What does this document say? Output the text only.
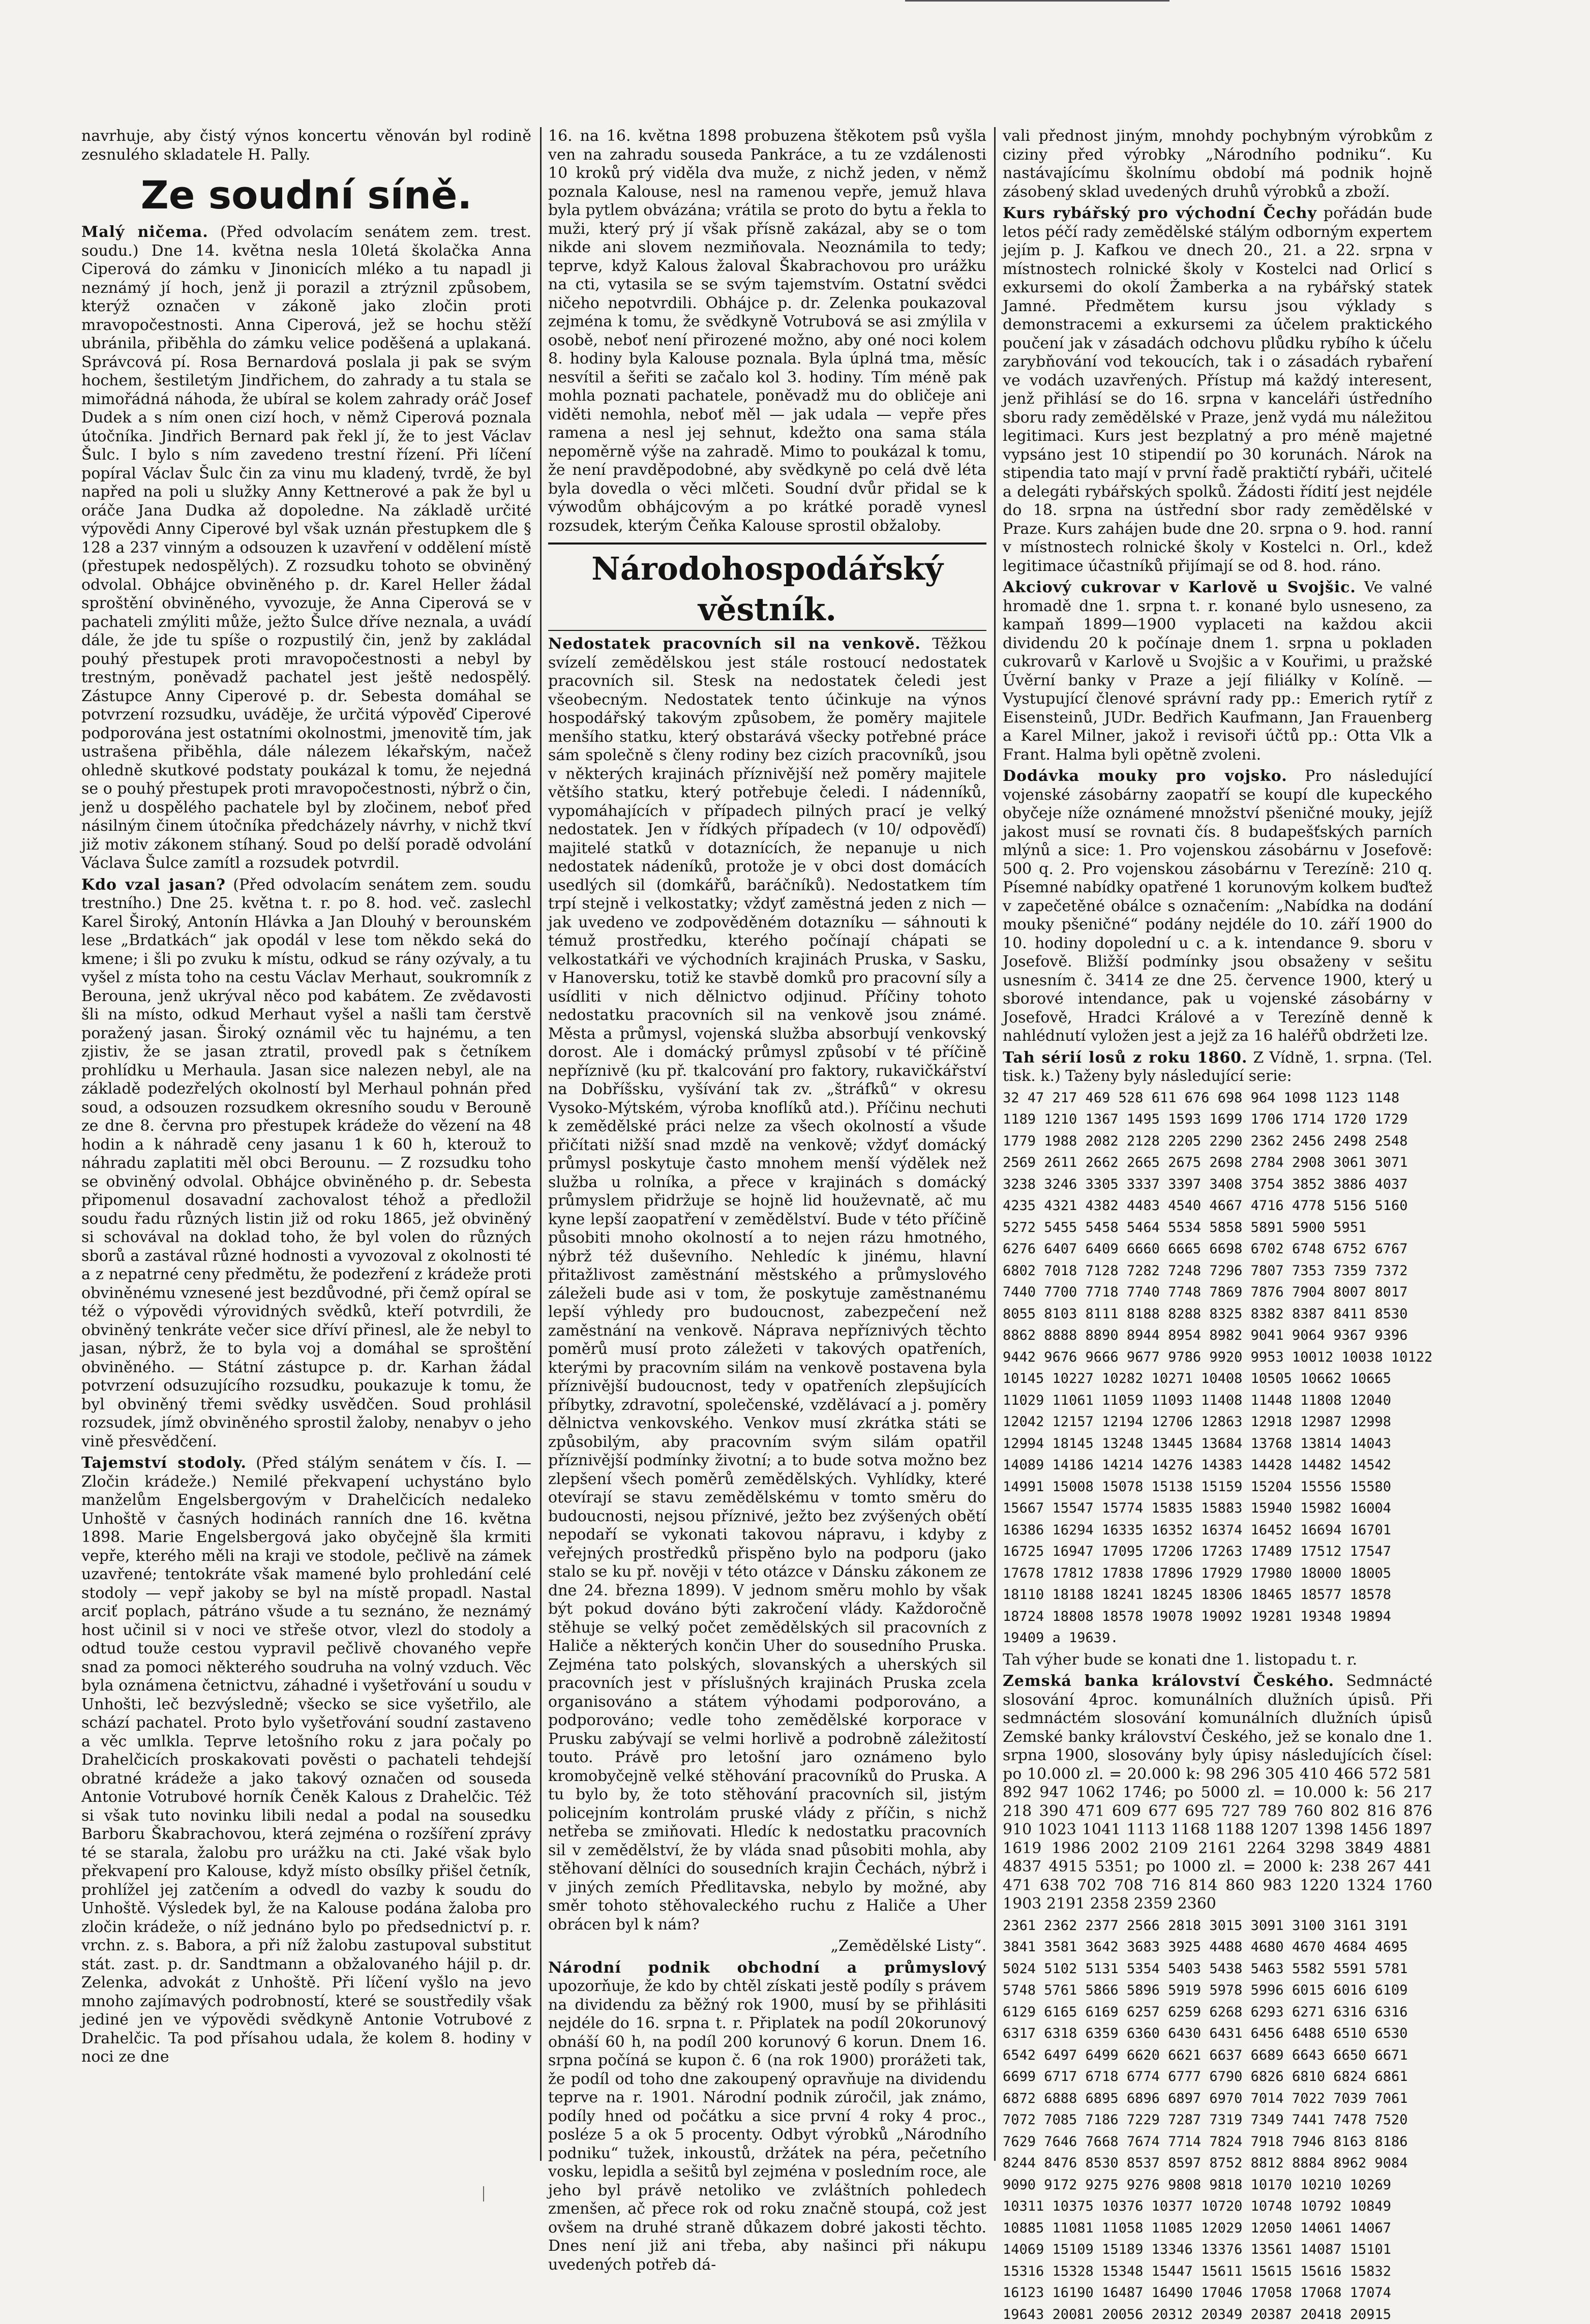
navrhuje, aby čistý výnos koncertu věnován byl rodině zesnulého skladatele H. Pally.

Ze soudní síně.

Malý ničema. (Před odvolacím senátem zem. trest. soudu.) Dne 14. května nesla 10letá školačka Anna Ciperová do zámku v Jinonicích mléko a tu napadl ji neznámý jí hoch, jenž ji porazil a ztrýznil způsobem, kterýž označen v zákoně jako zločin proti mravopočestnosti. Anna Ciperová, jež se hochu stěží ubránila, přiběhla do zámku velice poděšená a uplakaná. Správcová pí. Rosa Bernardová poslala ji pak se svým hochem, šestiletým Jindřichem, do zahrady a tu stala se mimořádná náhoda, že ubíral se kolem zahrady oráč Josef Dudek a s ním onen cizí hoch, v němž Ciperová poznala útočníka. Jindřich Bernard pak řekl jí, že to jest Václav Šulc. I bylo s ním zavedeno trestní řízení. Při líčení popíral Václav Šulc čin za vinu mu kladený, tvrdě, že byl napřed na poli u služky Anny Kettnerové a pak že byl u oráče Jana Dudka až dopoledne. Na základě určité výpovědi Anny Ciperové byl však uznán přestupkem dle § 128 a 237 vinným a odsouzen k uzavření v oddělení místě (přestupek nedospělých). Z rozsudku tohoto se obviněný odvolal. Obhájce obviněného p. dr. Karel Heller žádal sproštění obviněného, vyvozuje, že Anna Ciperová se v pachateli zmýliti může, ježto Šulce dříve neznala, a uvádí dále, že jde tu spíše o rozpustilý čin, jenž by zakládal pouhý přestupek proti mravopočestnosti a nebyl by trestným, poněvadž pachatel jest ještě nedospělý. Zástupce Anny Ciperové p. dr. Sebesta domáhal se potvrzení rozsudku, uváděje, že určitá výpověď Ciperové podporována jest ostatními okolnostmi, jmenovitě tím, jak ustrašena přiběhla, dále nálezem lékařským, načež ohledně skutkové podstaty poukázal k tomu, že nejedná se o pouhý přestupek proti mravopočestnosti, nýbrž o čin, jenž u dospělého pachatele byl by zločinem, neboť před násilným činem útočníka předcházely návrhy, v nichž tkví již motiv zákonem stíhaný. Soud po delší poradě odvolání Václava Šulce zamítl a rozsudek potvrdil.

Kdo vzal jasan? (Před odvolacím senátem zem. soudu trestního.) Dne 25. května t. r. po 8. hod. več. zaslechl Karel Široký, Antonín Hlávka a Jan Dlouhý v berounském lese „Brdatkách“ jak opodál v lese tom někdo seká do kmene; i šli po zvuku k místu, odkud se rány ozývaly, a tu vyšel z místa toho na cestu Václav Merhaut, soukromník z Berouna, jenž ukrýval něco pod kabátem. Ze zvědavosti šli na místo, odkud Merhaut vyšel a našli tam čerstvě poražený jasan. Široký oznámil věc tu hajnému, a ten zjistiv, že se jasan ztratil, provedl pak s četníkem prohlídku u Merhaula. Jasan sice nalezen nebyl, ale na základě podezřelých okolností byl Merhaul pohnán před soud, a odsouzen rozsudkem okresního soudu v Berouně ze dne 8. června pro přestupek krádeže do vězení na 48 hodin a k náhradě ceny jasanu 1 k 60 h, kterouž to náhradu zaplatiti měl obci Berounu. — Z rozsudku toho se obviněný odvolal. Obhájce obviněného p. dr. Sebesta připomenul dosavadní zachovalost téhož a předložil soudu řadu různých listin již od roku 1865, jež obviněný si schovával na doklad toho, že byl volen do různých sborů a zastával různé hodnosti a vyvozoval z okolnosti té a z nepatrné ceny předmětu, že podezření z krádeže proti obviněnému vznesené jest bezdůvodné, při čemž opíral se též o výpovědi výrovidných svědků, kteří potvrdili, že obviněný tenkráte večer sice dříví přinesl, ale že nebyl to jasan, nýbrž, že to byla voj a domáhal se sproštění obviněného. — Státní zástupce p. dr. Karhan žádal potvrzení odsuzujícího rozsudku, poukazuje k tomu, že byl obviněný třemi svědky usvědčen. Soud prohlásil rozsudek, jímž obviněného sprostil žaloby, nenabyv o jeho vině přesvědčení.

Tajemství stodoly. (Před stálým senátem v čís. I. — Zločin krádeže.) Nemilé překvapení uchystáno bylo manželům Engelsbergovým v Drahelčicích nedaleko Unhoště v časných hodinách ranních dne 16. května 1898. Marie Engelsbergová jako obyčejně šla krmiti vepře, kterého měli na kraji ve stodole, pečlivě na zámek uzavřené; tentokráte však mamené bylo prohledání celé stodoly — vepř jakoby se byl na místě propadl. Nastal arciť poplach, pátráno všude a tu seznáno, že neznámý host učinil si v noci ve střeše otvor, vlezl do stodoly a odtud touže cestou vypravil pečlivě chovaného vepře snad za pomoci některého soudruha na volný vzduch. Věc byla oznámena četnictvu, záhadné i vyšetřování u soudu v Unhošti, leč bezvýsledně; všecko se sice vyšetřilo, ale schází pachatel. Proto bylo vyšetřování soudní zastaveno a věc umlkla. Teprve letošního roku z jara počaly po Drahelčicích proskakovati pověsti o pachateli tehdejší obratné krádeže a jako takový označen od souseda Antonie Votrubové horník Čeněk Kalous z Drahelčic. Též si však tuto novinku libili nedal a podal na sousedku Barboru Škabrachovou, která zejména o rozšíření zprávy té se starala, žalobu pro urážku na cti. Jaké však bylo překvapení pro Kalouse, když místo obsílky přišel četník, prohlížel jej zatčením a odvedl do vazby k soudu do Unhoště. Výsledek byl, že na Kalouse podána žaloba pro zločin krádeže, o níž jednáno bylo po předsednictví p. r. vrchn. z. s. Babora, a při níž žalobu zastupoval substitut stát. zast. p. dr. Sandtmann a obžalovaného hájil p. dr. Zelenka, advokát z Unhoště. Při líčení vyšlo na jevo mnoho zajímavých podrobností, které se soustředily však jediné jen ve výpovědi svědkyně Antonie Votrubové z Drahelčic. Ta pod přísahou udala, že kolem 8. hodiny v noci ze dne

16. na 16. května 1898 probuzena štěkotem psů vyšla ven na zahradu souseda Pankráce, a tu ze vzdálenosti 10 kroků prý viděla dva muže, z nichž jeden, v němž poznala Kalouse, nesl na ramenou vepře, jemuž hlava byla pytlem obvázána; vrátila se proto do bytu a řekla to muži, který prý jí však přísně zakázal, aby se o tom nikde ani slovem nezmiňovala. Neoznámila to tedy; teprve, když Kalous žaloval Škabrachovou pro urážku na cti, vytasila se se svým tajemstvím. Ostatní svědci ničeho nepotvrdili. Obhájce p. dr. Zelenka poukazoval zejména k tomu, že svědkyně Votrubová se asi zmýlila v osobě, neboť není přirozené možno, aby oné noci kolem 8. hodiny byla Kalouse poznala. Byla úplná tma, měsíc nesvítil a šeřiti se začalo kol 3. hodiny. Tím méně pak mohla poznati pachatele, poněvadž mu do obličeje ani viděti nemohla, neboť měl — jak udala — vepře přes ramena a nesl jej sehnut, kdežto ona sama stála nepoměrně výše na zahradě. Mimo to poukázal k tomu, že není pravděpodobné, aby svědkyně po celá dvě léta byla dovedla o věci mlčeti. Soudní dvůr přidal se k výwodům obhájcovým a po krátké poradě vynesl rozsudek, kterým Čeňka Kalouse sprostil obžaloby.

Národohospodářský věstník.

Nedostatek pracovních sil na venkově. Těžkou svízelí zemědělskou jest stále rostoucí nedostatek pracovních sil. Stesk na nedostatek čeledi jest všeobecným. Nedostatek tento účinkuje na výnos hospodářský takovým způsobem, že poměry majitele menšího statku, který obstarává všecky potřebné práce sám společně s členy rodiny bez cizích pracovníků, jsou v některých krajinách příznivější než poměry majitele většího statku, který potřebuje čeledi. I nádenníků, vypomáhajících v případech pilných prací je velký nedostatek. Jen v řídkých případech (v 10/ odpověďí) majitelé statků v dotaznících, že nepanuje u nich nedostatek nádeníků, protože je v obci dost domácích usedlých sil (domkářů, baráčníků). Nedostatkem tím trpí stejně i velkostatky; vždyť zaměstná jeden z nich — jak uvedeno ve zodpověděném dotazníku — sáhnouti k témuž prostředku, kterého počínají chápati se velkostatkáři ve východních krajinách Pruska, v Sasku, v Hanoversku, totiž ke stavbě domků pro pracovní síly a usídliti v nich dělnictvo odjinud. Příčiny tohoto nedostatku pracovních sil na venkově jsou známé. Města a průmysl, vojenská služba absorbují venkovský dorost. Ale i domácký průmysl způsobí v té příčině nepříznivě (ku př. tkalcování pro faktory, rukavičkářství na Dobříšsku, vyšívání tak zv. „štráfků“ v okresu Vysoko-Mýtském, výroba knoflíků atd.). Příčinu nechuti k zemědělské práci nelze za všech okolností a všude přičítati nižší snad mzdě na venkově; vždyť domácký průmysl poskytuje často mnohem menší výdělek než služba u rolníka, a přece v krajinách s domácký průmyslem přidržuje se hojně lid houževnatě, ač mu kyne lepší zaopatření v zemědělství. Bude v této příčině působiti mnoho okolností a to nejen rázu hmotného, nýbrž též duševního. Nehledíc k jinému, hlavní přitažlivost zaměstnání městského a průmyslového záleželi bude asi v tom, že poskytuje zaměstnanému lepší výhledy pro budoucnost, zabezpečení než zaměstnání na venkově. Náprava nepříznivých těchto poměrů musí proto záležeti v takových opatřeních, kterými by pracovním silám na venkově postavena byla příznivější budoucnost, tedy v opatřeních zlepšujících příbytky, zdravotní, společenské, vzdělávací a j. poměry dělnictva venkovského. Venkov musí zkrátka státi se způsobilým, aby pracovním svým silám opatřil příznivější podmínky životní; a to bude sotva možno bez zlepšení všech poměrů zemědělských. Vyhlídky, které otevírají se stavu zemědělskému v tomto směru do budoucnosti, nejsou příznivé, ježto bez zvýšených obětí nepodaří se vykonati takovou nápravu, i kdyby z veřejných prostředků přispěno bylo na podporu (jako stalo se ku př. nověji v této otázce v Dánsku zákonem ze dne 24. března 1899). V jednom směru mohlo by však být pokud dováno býti zakročení vlády. Každoročně stěhuje se velký počet zemědělských sil pracovních z Haliče a některých končin Uher do sousedního Pruska. Zejména tato polských, slovanských a uherských sil pracovních jest v příslušných krajinách Pruska zcela organisováno a státem výhodami podporováno, a podporováno; vedle toho zemědělské korporace v Prusku zabývají se velmi horlivě a podrobně záležitostí touto. Právě pro letošní jaro oznámeno bylo kromobyčejně velké stěhování pracovníků do Pruska. A tu bylo by, že toto stěhování pracovních sil, jistým policejním kontrolám pruské vlády z příčin, s nichž netřeba se zmiňovati. Hledíc k nedostatku pracovních sil v zemědělství, že by vláda snad působiti mohla, aby stěhovaní dělníci do sousedních krajin Čechách, nýbrž i v jiných zemích Předlitavska, nebylo by možné, aby směr tohoto stěhovaleckého ruchu z Haliče a Uher obrácen byl k nám?

„Zemědělské Listy“.

Národní podnik obchodní a průmyslový upozorňuje, že kdo by chtěl získati jestě podíly s právem na dividendu za běžný rok 1900, musí by se přihlásiti nejdéle do 16. srpna t. r. Připlatek na podíl 20korunový obnáší 60 h, na podíl 200 korunový 6 korun. Dnem 16. srpna počíná se kupon č. 6 (na rok 1900) prorážeti tak, že podíl od toho dne zakoupený opravňuje na dividendu teprve na r. 1901. Národní podnik zúročil, jak známo, podíly hned od počátku a sice první 4 roky 4 proc., posléze 5 a ok 5 procenty. Odbyt výrobků „Národního podniku“ tužek, inkoustů, držátek na péra, pečetního vosku, lepidla a sešitů byl zejména v posledním roce, ale jeho byl právě netoliko ve zvláštních pohledech zmenšen, ač přece rok od roku značně stoupá, což jest ovšem na druhé straně důkazem dobré jakosti těchto. Dnes není již ani třeba, aby našinci při nákupu uvedených potřeb dá-

vali přednost jiným, mnohdy pochybným výrobkům z ciziny před výrobky „Národního podniku“. Ku nastávajícímu školnímu období má podnik hojně zásobený sklad uvedených druhů výrobků a zboží.

Kurs rybářský pro východní Čechy pořádán bude letos péčí rady zemědělské stálým odborným expertem jejím p. J. Kafkou ve dnech 20., 21. a 22. srpna v místnostech rolnické školy v Kostelci nad Orlicí s exkursemi do okolí Žamberka a na rybářský statek Jamné. Předmětem kursu jsou výklady s demonstracemi a exkursemi za účelem praktického poučení jak v zásadách odchovu plůdku rybího k účelu zarybňování vod tekoucích, tak i o zásadách rybaření ve vodách uzavřených. Přístup má každý interesent, jenž přihlásí se do 16. srpna v kanceláři ústředního sboru rady zemědělské v Praze, jenž vydá mu náležitou legitimaci. Kurs jest bezplatný a pro méně majetné vypsáno jest 10 stipendií po 30 korunách. Nárok na stipendia tato mají v první řadě praktičtí rybáři, učitelé a delegáti rybářských spolků. Žádosti řídití jest nejdéle do 18. srpna na ústřední sbor rady zemědělské v Praze. Kurs zahájen bude dne 20. srpna o 9. hod. ranní v místnostech rolnické školy v Kostelci n. Orl., kdež legitimace účastníků přijímají se od 8. hod. ráno.

Akciový cukrovar v Karlově u Svojšic. Ve valné hromadě dne 1. srpna t. r. konané bylo usneseno, za kampaň 1899—1900 vyplaceti na každou akcii dividendu 20 k počínaje dnem 1. srpna u pokladen cukrovarů v Karlově u Svojšic a v Kouřimi, u pražské Úvěrní banky v Praze a její filiálky v Kolíně. — Vystupující členové správní rady pp.: Emerich rytíř z Eisensteinů, JUDr. Bedřich Kaufmann, Jan Frauenberg a Karel Milner, jakož i revisoři účtů pp.: Otta Vlk a Frant. Halma byli opětně zvoleni.

Dodávka mouky pro vojsko. Pro následující vojenské zásobárny zaopatří se koupí dle kupeckého obyčeje níže oznámené množství pšeničné mouky, jejíž jakost musí se rovnati čís. 8 budapešťských parních mlýnů a sice: 1. Pro vojenskou zásobárnu v Josefově: 500 q. 2. Pro vojenskou zásobárnu v Terezíně: 210 q. Písemné nabídky opatřené 1 korunovým kolkem buďtež v zapečetěné obálce s označením: „Nabídka na dodání mouky pšeničné“ podány nejdéle do 10. září 1900 do 10. hodiny dopolední u c. a k. intendance 9. sboru v Josefově. Bližší podmínky jsou obsaženy v sešitu usnesním č. 3414 ze dne 25. července 1900, který u sborové intendance, pak u vojenské zásobárny v Josefově, Hradci Králové a v Terezíně denně k nahlédnutí vyložen jest a jejž za 16 haléřů obdržeti lze.

Tah sérií losů z roku 1860. Z Vídně, 1. srpna. (Tel. tisk. k.) Taženy byly následující serie:

32 47 217 469 528 611 676 698 964 1098 1123 1148
1189 1210 1367 1495 1593 1699 1706 1714 1720 1729
1779 1988 2082 2128 2205 2290 2362 2456 2498 2548
2569 2611 2662 2665 2675 2698 2784 2908 3061 3071
3238 3246 3305 3337 3397 3408 3754 3852 3886 4037
4235 4321 4382 4483 4540 4667 4716 4778 5156 5160
5272 5455 5458 5464 5534 5858 5891 5900 5951
6276 6407 6409 6660 6665 6698 6702 6748 6752 6767
6802 7018 7128 7282 7248 7296 7807 7353 7359 7372
7440 7700 7718 7740 7748 7869 7876 7904 8007 8017
8055 8103 8111 8188 8288 8325 8382 8387 8411 8530
8862 8888 8890 8944 8954 8982 9041 9064 9367 9396
9442 9676 9666 9677 9786 9920 9953 10012 10038 10122
10145 10227 10282 10271 10408 10505 10662 10665
11029 11061 11059 11093 11408 11448 11808 12040
12042 12157 12194 12706 12863 12918 12987 12998
12994 18145 13248 13445 13684 13768 13814 14043
14089 14186 14214 14276 14383 14428 14482 14542
14991 15008 15078 15138 15159 15204 15556 15580
15667 15547 15774 15835 15883 15940 15982 16004
16386 16294 16335 16352 16374 16452 16694 16701
16725 16947 17095 17206 17263 17489 17512 17547
17678 17812 17838 17896 17929 17980 18000 18005
18110 18188 18241 18245 18306 18465 18577 18578
18724 18808 18578 19078 19092 19281 19348 19894
19409 a 19639.

Tah výher bude se konati dne 1. listopadu t. r.

Zemská banka království Českého. Sedmnácté slosování 4proc. komunálních dlužních úpisů. Při sedmnáctém slosování komunálních dlužních úpisů Zemské banky království Českého, jež se konalo dne 1. srpna 1900, slosovány byly úpisy následujících čísel: po 10.000 zl. = 20.000 k: 98 296 305 410 466 572 581 892 947 1062 1746; po 5000 zl. = 10.000 k: 56 217 218 390 471 609 677 695 727 789 760 802 816 876 910 1023 1041 1113 1168 1188 1207 1398 1456 1897 1619 1986 2002 2109 2161 2264 3298 3849 4881 4837 4915 5351; po 1000 zl. = 2000 k: 238 267 441 471 638 702 708 716 814 860 983 1220 1324 1760 1903 2191 2358 2359 2360

2361 2362 2377 2566 2818 3015 3091 3100 3161 3191
3841 3581 3642 3683 3925 4488 4680 4670 4684 4695
5024 5102 5131 5354 5403 5438 5463 5582 5591 5781
5748 5761 5866 5896 5919 5978 5996 6015 6016 6109
6129 6165 6169 6257 6259 6268 6293 6271 6316 6316
6317 6318 6359 6360 6430 6431 6456 6488 6510 6530
6542 6497 6499 6620 6621 6637 6689 6643 6650 6671
6699 6717 6718 6774 6777 6790 6826 6810 6824 6861
6872 6888 6895 6896 6897 6970 7014 7022 7039 7061
7072 7085 7186 7229 7287 7319 7349 7441 7478 7520
7629 7646 7668 7674 7714 7824 7918 7946 8163 8186
8244 8476 8530 8537 8597 8752 8812 8884 8962 9084
9090 9172 9275 9276 9808 9818 10170 10210 10269
10311 10375 10376 10377 10720 10748 10792 10849
10885 11081 11058 11085 12029 12050 14061 14067
14069 15109 15189 13346 13376 13561 14087 15101
15316 15328 15348 15447 15611 15615 15616 15832
16123 16190 16487 16490 17046 17058 17068 17074
19643 20081 20056 20312 20349 20387 20418 20915
